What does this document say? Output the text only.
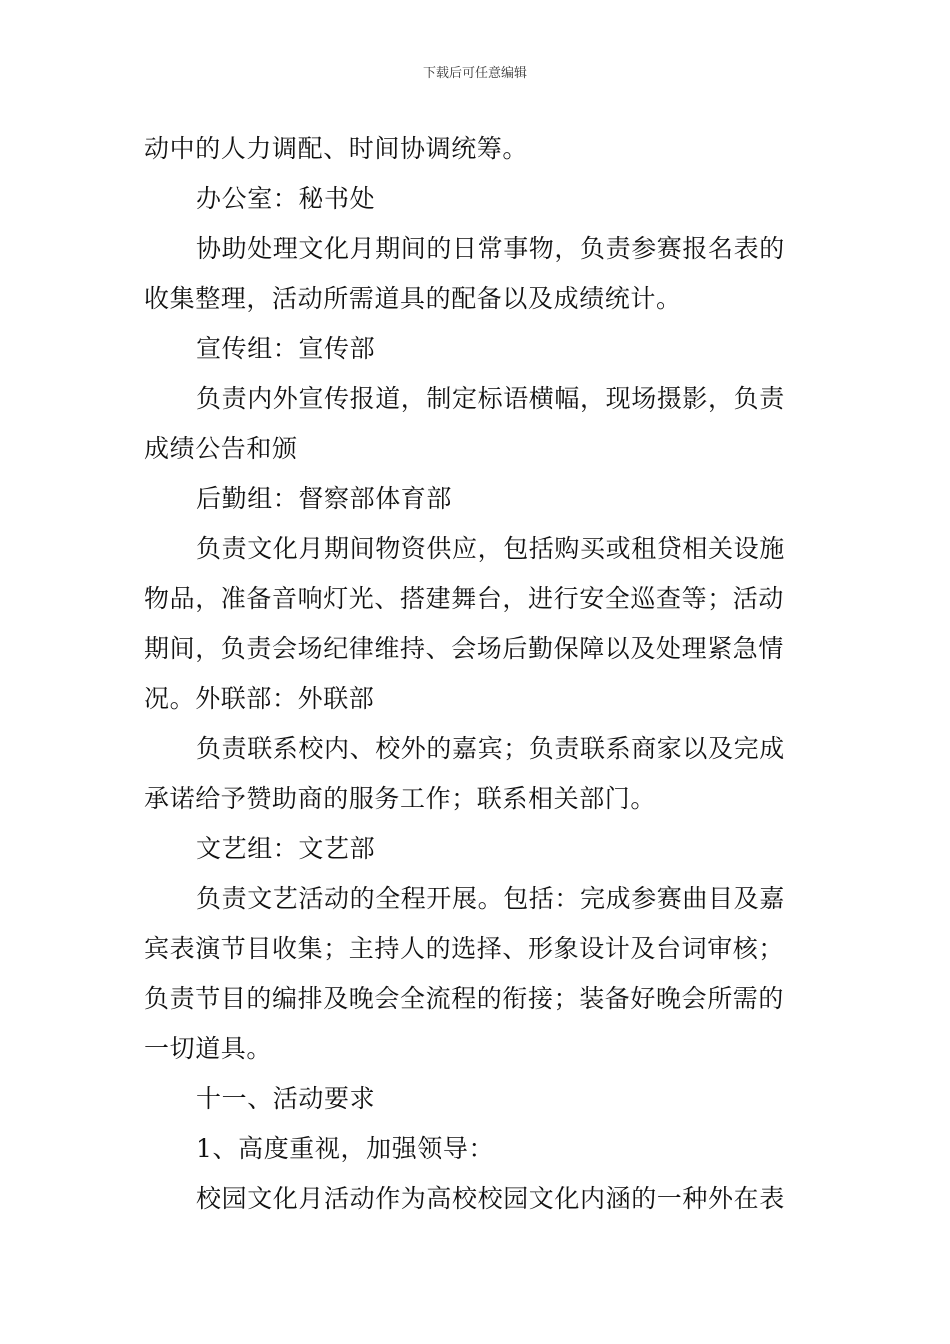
下载后可任意编辑
动中的人力调配、时间协调统筹。
办公室：秘书处
协助处理文化月期间的日常事物，负责参赛报名表的
收集整理，活动所需道具的配备以及成绩统计。
宣传组：宣传部
负责内外宣传报道，制定标语横幅，现场摄影，负责
成绩公告和颁
后勤组：督察部体育部
负责文化月期间物资供应，包括购买或租贷相关设施
物品，准备音响灯光、搭建舞台，进行安全巡查等；活动
期间，负责会场纪律维持、会场后勤保障以及处理紧急情
况。外联部：外联部
负责联系校内、校外的嘉宾；负责联系商家以及完成
承诺给予赞助商的服务工作；联系相关部门。
文艺组：文艺部
负责文艺活动的全程开展。包括：完成参赛曲目及嘉
宾表演节目收集；主持人的选择、形象设计及台词审核；
负责节目的编排及晚会全流程的衔接；装备好晚会所需的
一切道具。
十一、活动要求
1、高度重视，加强领导：
校园文化月活动作为高校校园文化内涵的一种外在表
